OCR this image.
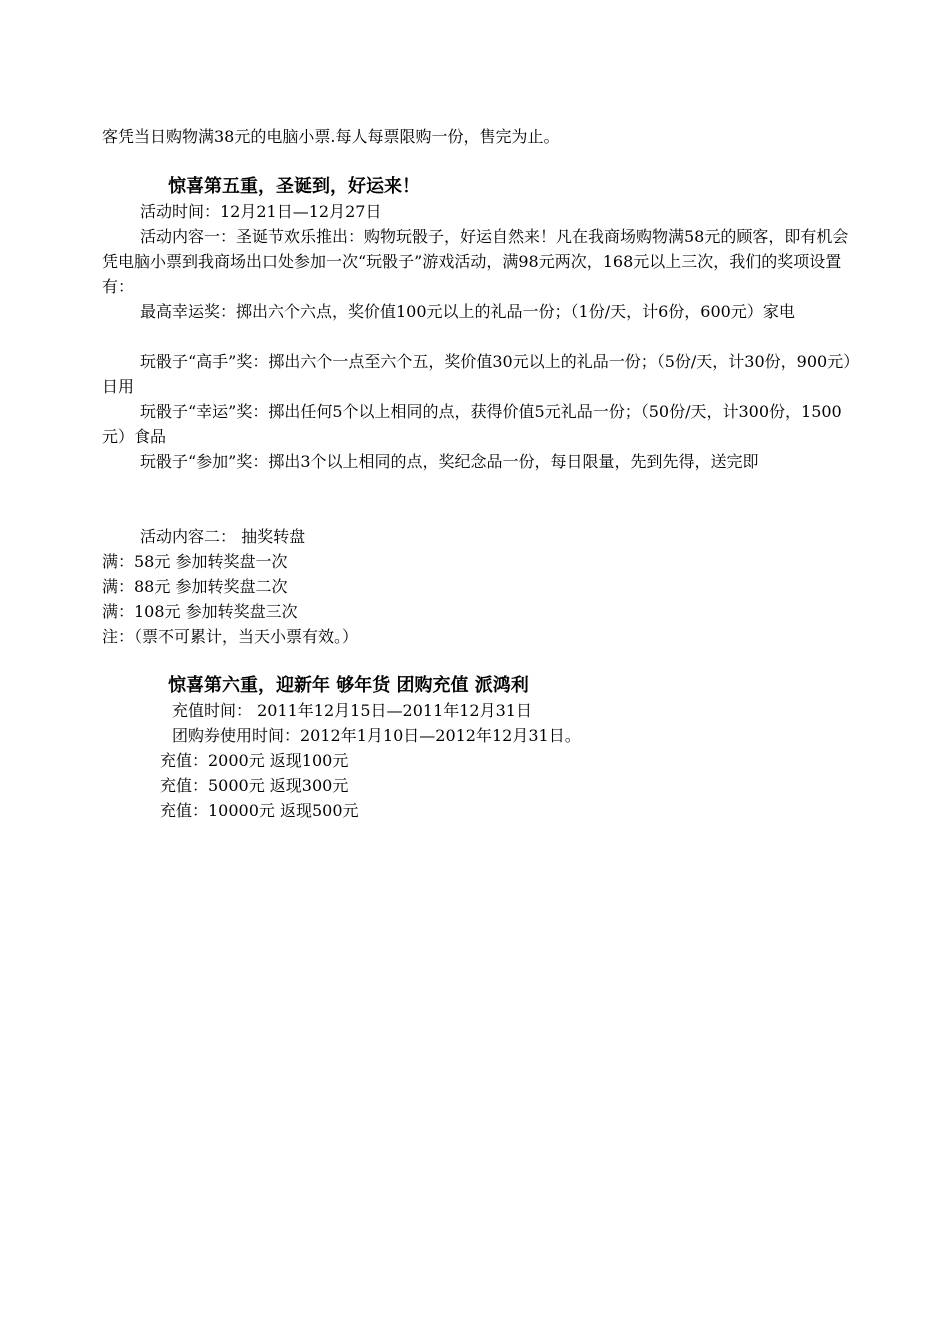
客凭当日购物满38元的电脑小票.每人每票限购一份，售完为止。
惊喜第五重，圣诞到，好运来！
活动时间：12月21日—12月27日
活动内容一：圣诞节欢乐推出：购物玩骰子，好运自然来！凡在我商场购物满58元的顾客，即有机会凭电脑小票到我商场出口处参加一次“玩骰子”游戏活动，满98元两次，168元以上三次，我们的奖项设置有：
最高幸运奖：掷出六个六点，奖价值100元以上的礼品一份；（1份/天，计6份，600元）家电
玩骰子“高手”奖：掷出六个一点至六个五，奖价值30元以上的礼品一份；（5份/天，计30份，900元）日用
玩骰子“幸运”奖：掷出任何5个以上相同的点，获得价值5元礼品一份；（50份/天，计300份，1500元）食品
玩骰子“参加”奖：掷出3个以上相同的点，奖纪念品一份，每日限量，先到先得，送完即
活动内容二： 抽奖转盘
满：58元 参加转奖盘一次
满：88元 参加转奖盘二次
满：108元 参加转奖盘三次
注：（票不可累计，当天小票有效。）
惊喜第六重，迎新年 够年货 团购充值 派鸿利
充值时间： 2011年12月15日—2011年12月31日
团购券使用时间：2012年1月10日—2012年12月31日。
充值：2000元 返现100元
充值：5000元 返现300元
充值：10000元 返现500元
